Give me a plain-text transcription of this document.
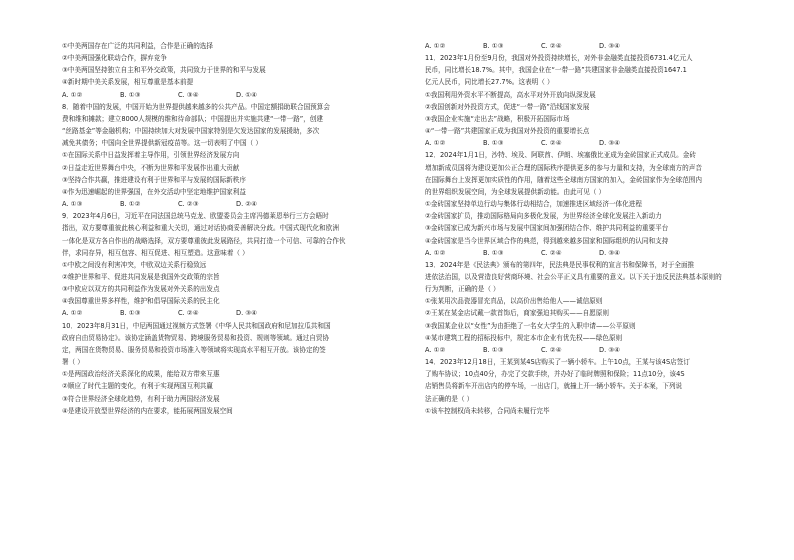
①中美两国存在广泛的共同利益，合作是正确的选择
②中美两国强化联动合作，摒弃竞争
③中美两国坚持独立自主和平外交政策，共同致力于世界的和平与发展
④新时期中美关系发展，相互尊重是基本前提
A. ①②	B. ①③	C. ③④	D. ①④
8．随着中国的发展，中国开始为世界提供越来越多的公共产品。中国定额捐助联合国预算会
费和维和摊款；建立8000人规模的维和待命部队；中国提出并实施共建“一带一路”，创建
“丝路基金”等金融机构；中国持续加大对发展中国家特别是欠发达国家的发展援助，多次
减免其债务；中国向全世界提供新冠疫苗等。这一切表明了中国（ ）
①在国际关系中日益发挥着主导作用，引领世界经济发展方向
②日益走近世界舞台中央，不断为世界和平发展作出重大贡献
③坚持合作共赢，推进建设有利于世界和平与发展的国际新秩序
④作为迅速崛起的世界强国，在外交活动中坚定地维护国家利益
A. ①③	B. ①②	C. ②③	D. ②④
9．2023年4月6日，习近平在同法国总统马克龙、欧盟委员会主席冯德莱恩举行三方会晤时
指出，双方要尊重彼此核心利益和重大关切，通过对话协商妥善解决分歧。中国式现代化和欧洲
一体化是双方各自作出的战略选择，双方要尊重彼此发展路径，共同打造一个可信、可靠的合作伙
伴，求同存异，相互包容、相互促进、相互塑造。这意味着（ ）
①中欧之间没有利害冲突，中欧双边关系行稳致远
②维护世界和平、促进共同发展是我国外交政策的宗旨
③中欧应以双方的共同利益作为发展对外关系的出发点
④我国尊重世界多样性，维护和倡导国际关系的民主化
A. ①②	B. ①③	C. ②④	D. ③④
10．2023年8月31日，中尼两国通过视频方式签署《中华人民共和国政府和尼加拉瓜共和国
政府自由贸易协定》。该协定涵盖货物贸易、跨境服务贸易和投资、规则等领域。通过自贸协
定，两国在货物贸易、服务贸易和投资市场准入等领域将实现高水平相互开放。该协定的签
署（ ）
①是两国政治经济关系深化的成果，能给双方带来互惠
②顺应了时代主题的变化，有利于实现两国互利共赢
③符合世界经济全球化趋势，有利于助力两国经济发展
④是建设开放型世界经济的内在要求，能拓展两国发展空间
A. ①②	B. ①③	C. ②④	D. ③④
11．2023年1月份至9月份，我国对外投资持续增长，对外非金融类直接投资6731.4亿元人
民币，同比增长18.7%。其中，我国企业在“一带一路”共建国家非金融类直接投资1647.1
亿元人民币，同比增长27.7%。这表明（ ）
①我国利用外资水平不断提高，高水平对外开放向纵深发展
②我国创新对外投资方式，促进“一带一路”沿线国家发展
③我国企业实施“走出去”战略，积极开拓国际市场
④“一带一路”共建国家正成为我国对外投资的重要增长点
A. ①②	B. ①③	C. ②④	D. ③④
12．2024年1月1日，沙特、埃及、阿联酋、伊朗、埃塞俄比亚成为金砖国家正式成员。金砖
增加新成员国将为建设更加公正合理的国际秩序提供更多的参与力量和支持，为全球南方的声音
在国际舞台上发挥更加实质性的作用，随着这些全球南方国家的加入，金砖国家作为全球范围内
的世界组织发展空间，为全球发展提供新动能。由此可见（ ）
①金砖国家坚持单边行动与集体行动相结合，加速推进区域经济一体化进程
②金砖国家扩员，推动国际格局向多极化发展，为世界经济全球化发展注入新动力
③金砖国家已成为新兴市场与发展中国家间加强团结合作、维护共同利益的重要平台
④金砖国家是当今世界区域合作的典范，得到越来越多国家和国际组织的认同和支持
A. ①②	B. ①③	C. ②④	D. ③④
13．2024年是《民法典》颁布的第四年，民法典是民事权利的宣言书和保障书，对于全面推
进依法治国，以及营造良好营商环境、社会公平正义具有重要的意义。以下关于违反民法典基本原则的
行为判断，正确的是（ ）
①张某用次品瓷器冒充真品，以高价出售给他人——诚信原则
②王某在某金店试戴一款首饰后，商家强迫其购买——自愿原则
③我国某企业以“女性”为由拒绝了一名女大学生的入职申请——公平原则
④某市建筑工程的招标投标中，规定本市企业有优先权——绿色原则
A. ①②	B. ①③	C. ②④	D. ③④
14．2023年12月18日，王某到某4S店购买了一辆小轿车。上午10点，王某与该4S店签订
了购车协议；10点40分，办完了交款手续，并办好了临时牌照和保险；11点10分，该4S
店销售员将新车开出店内的停车场，一出店门，就撞上开一辆小轿车。关于本案，下列说
法正确的是（ ）
①该车控制权尚未转移，合同尚未履行完毕
